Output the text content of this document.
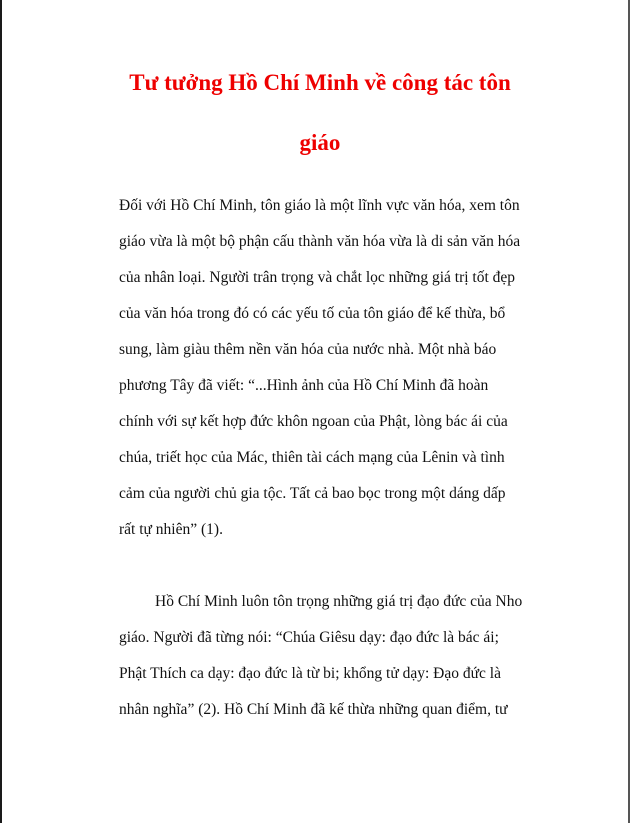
Tư tưởng Hồ Chí Minh về công tác tôn
giáo

Đối với Hồ Chí Minh, tôn giáo là một lĩnh vực văn hóa, xem tôn

giáo vừa là một bộ phận cấu thành văn hóa vừa là di sản văn hóa

của nhân loại. Người trân trọng và chắt lọc những giá trị tốt đẹp

của văn hóa trong đó có các yếu tố của tôn giáo để kế thừa, bổ

sung, làm giàu thêm nền văn hóa của nước nhà. Một nhà báo

phương Tây đã viết: “...Hình ảnh của Hồ Chí Minh đã hoàn

chính với sự kết hợp đức khôn ngoan của Phật, lòng bác ái của

chúa, triết học của Mác, thiên tài cách mạng của Lênin và tình

cảm của người chủ gia tộc. Tất cả bao bọc trong một dáng dấp

rất tự nhiên” (1).

Hồ Chí Minh luôn tôn trọng những giá trị đạo đức của Nho

giáo. Người đã từng nói: “Chúa Giêsu dạy: đạo đức là bác ái;

Phật Thích ca dạy: đạo đức là từ bi; khổng tử dạy: Đạo đức là

nhân nghĩa” (2). Hồ Chí Minh đã kế thừa những quan điểm, tư
